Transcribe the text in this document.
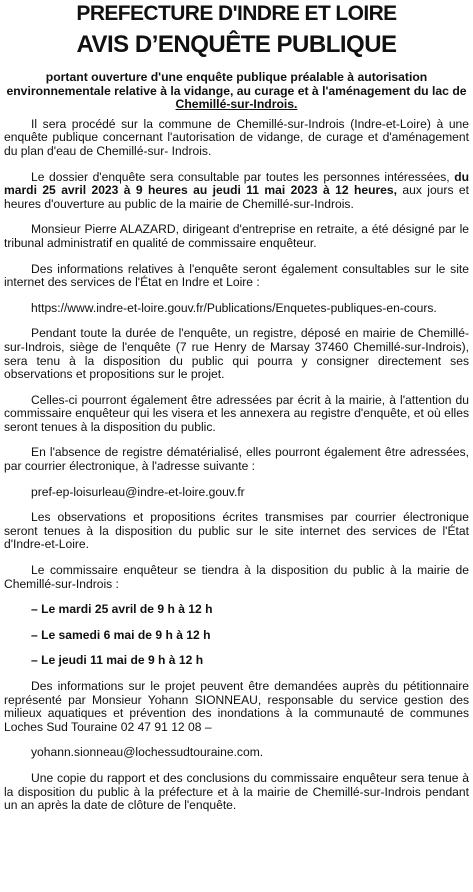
PREFECTURE D'INDRE ET LOIRE
AVIS D’ENQUÊTE PUBLIQUE
portant ouverture d'une enquête publique préalable à autorisation environnementale relative à la vidange, au curage et à l'aménagement du lac de Chemillé-sur-Indrois.

Il sera procédé sur la commune de Chemillé-sur-Indrois (Indre-et-Loire) à une enquête publique concernant l'autorisation de vidange, de curage et d'aménagement du plan d'eau de Chemillé-sur- Indrois.

Le dossier d'enquête sera consultable par toutes les personnes intéressées, du mardi 25 avril 2023 à 9 heures au jeudi 11 mai 2023 à 12 heures, aux jours et heures d'ouverture au public de la mairie de Chemillé-sur-Indrois.

Monsieur Pierre ALAZARD, dirigeant d'entreprise en retraite, a été désigné par le tribunal administratif en qualité de commissaire enquêteur.

Des informations relatives à l'enquête seront également consultables sur le site internet des services de l'État en Indre et Loire :

https://www.indre-et-loire.gouv.fr/Publications/Enquetes-publiques-en-cours.

Pendant toute la durée de l'enquête, un registre, déposé en mairie de Chemillé-sur-Indrois, siège de l'enquête (7 rue Henry de Marsay 37460 Chemillé-sur-Indrois), sera tenu à la disposition du public qui pourra y consigner directement ses observations et propositions sur le projet.

Celles-ci pourront également être adressées par écrit à la mairie, à l'attention du commissaire enquêteur qui les visera et les annexera au registre d'enquête, et où elles seront tenues à la disposition du public.

En l'absence de registre dématérialisé, elles pourront également être adressées, par courrier électronique, à l'adresse suivante :

pref-ep-loisurleau@indre-et-loire.gouv.fr

Les observations et propositions écrites transmises par courrier électronique seront tenues à la disposition du public sur le site internet des services de l'État d'Indre-et-Loire.

Le commissaire enquêteur se tiendra à la disposition du public à la mairie de Chemillé-sur-Indrois :

– Le mardi 25 avril de 9 h à 12 h
– Le samedi 6 mai de 9 h à 12 h
– Le jeudi 11 mai de 9 h à 12 h

Des informations sur le projet peuvent être demandées auprès du pétitionnaire représenté par Monsieur Yohann SIONNEAU, responsable du service gestion des milieux aquatiques et prévention des inondations à la communauté de communes Loches Sud Touraine 02 47 91 12 08 –

yohann.sionneau@lochessudtouraine.com.

Une copie du rapport et des conclusions du commissaire enquêteur sera tenue à la disposition du public à la préfecture et à la mairie de Chemillé-sur-Indrois pendant un an après la date de clôture de l'enquête.
